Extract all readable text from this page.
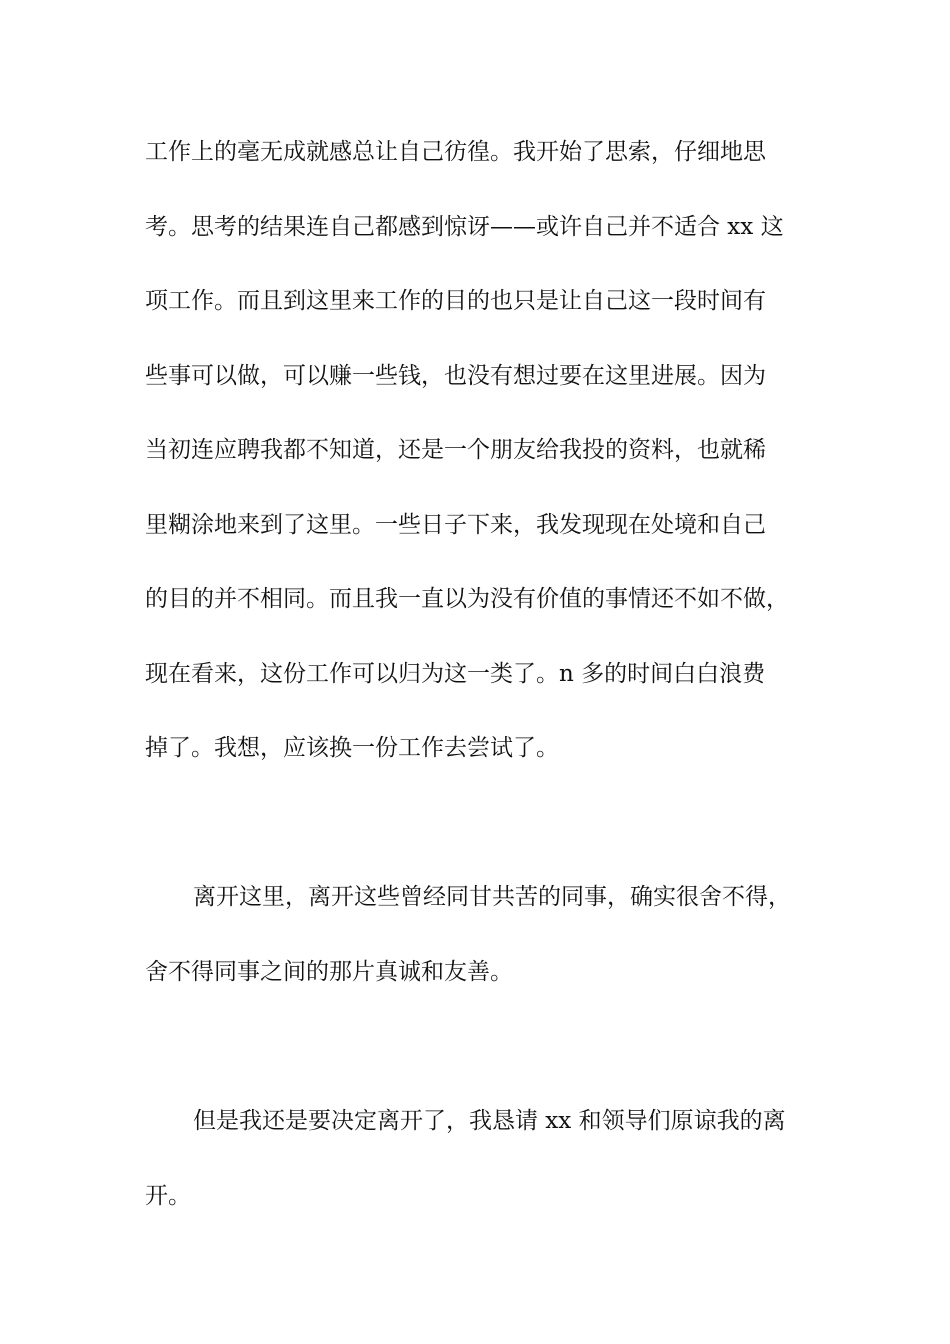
工作上的毫无成就感总让自己彷徨。我开始了思索，仔细地思
考。思考的结果连自己都感到惊讶——或许自己并不适合 xx 这
项工作。而且到这里来工作的目的也只是让自己这一段时间有
些事可以做，可以赚一些钱，也没有想过要在这里进展。因为
当初连应聘我都不知道，还是一个朋友给我投的资料，也就稀
里糊涂地来到了这里。一些日子下来，我发现现在处境和自己
的目的并不相同。而且我一直以为没有价值的事情还不如不做，
现在看来，这份工作可以归为这一类了。n 多的时间白白浪费
掉了。我想，应该换一份工作去尝试了。
离开这里，离开这些曾经同甘共苦的同事，确实很舍不得，
舍不得同事之间的那片真诚和友善。
但是我还是要决定离开了，我恳请 xx 和领导们原谅我的离
开。
